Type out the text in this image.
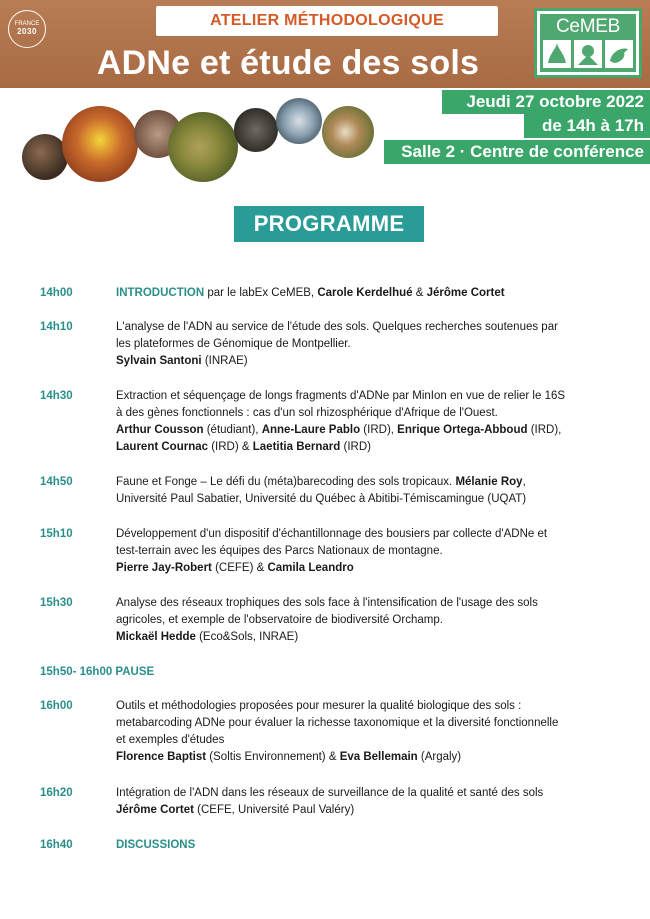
FRANCE
2030
ATELIER MÉTHODOLOGIQUE
ADNe et étude des sols
CeMEB
Jeudi 27 octobre 2022
de 14h à 17h
Salle 2 · Centre de conférence
PROGRAMME
14h00	INTRODUCTION par le labEx CeMEB, Carole Kerdelhué & Jérôme Cortet
14h10	L'analyse de l'ADN au service de l'étude des sols. Quelques recherches soutenues par
les plateformes de Génomique de Montpellier.
Sylvain Santoni (INRAE)
14h30	Extraction et séquençage de longs fragments d'ADNe par MinIon en vue de relier le 16S
à des gènes fonctionnels : cas d'un sol rhizosphérique d'Afrique de l'Ouest.
Arthur Cousson (étudiant), Anne-Laure Pablo (IRD), Enrique Ortega-Abboud (IRD),
Laurent Cournac (IRD) & Laetitia Bernard (IRD)
14h50	Faune et Fonge – Le défi du (méta)barecoding des sols tropicaux. Mélanie Roy,
Université Paul Sabatier, Université du Québec à Abitibi-Témiscamingue (UQAT)
15h10	Développement d'un dispositif d'échantillonnage des bousiers par collecte d'ADNe et
test-terrain avec les équipes des Parcs Nationaux de montagne.
Pierre Jay-Robert (CEFE) & Camila Leandro
15h30	Analyse des réseaux trophiques des sols face à l'intensification de l'usage des sols
agricoles, et exemple de l'observatoire de biodiversité Orchamp.
Mickaël Hedde (Eco&Sols, INRAE)
15h50- 16h00 PAUSE
16h00	Outils et méthodologies proposées pour mesurer la qualité biologique des sols :
metabarcoding ADNe pour évaluer la richesse taxonomique et la diversité fonctionnelle
et exemples d'études
Florence Baptist (Soltis Environnement) & Eva Bellemain (Argaly)
16h20	Intégration de l'ADN dans les réseaux de surveillance de la qualité et santé des sols
Jérôme Cortet (CEFE, Université Paul Valéry)
16h40	DISCUSSIONS
